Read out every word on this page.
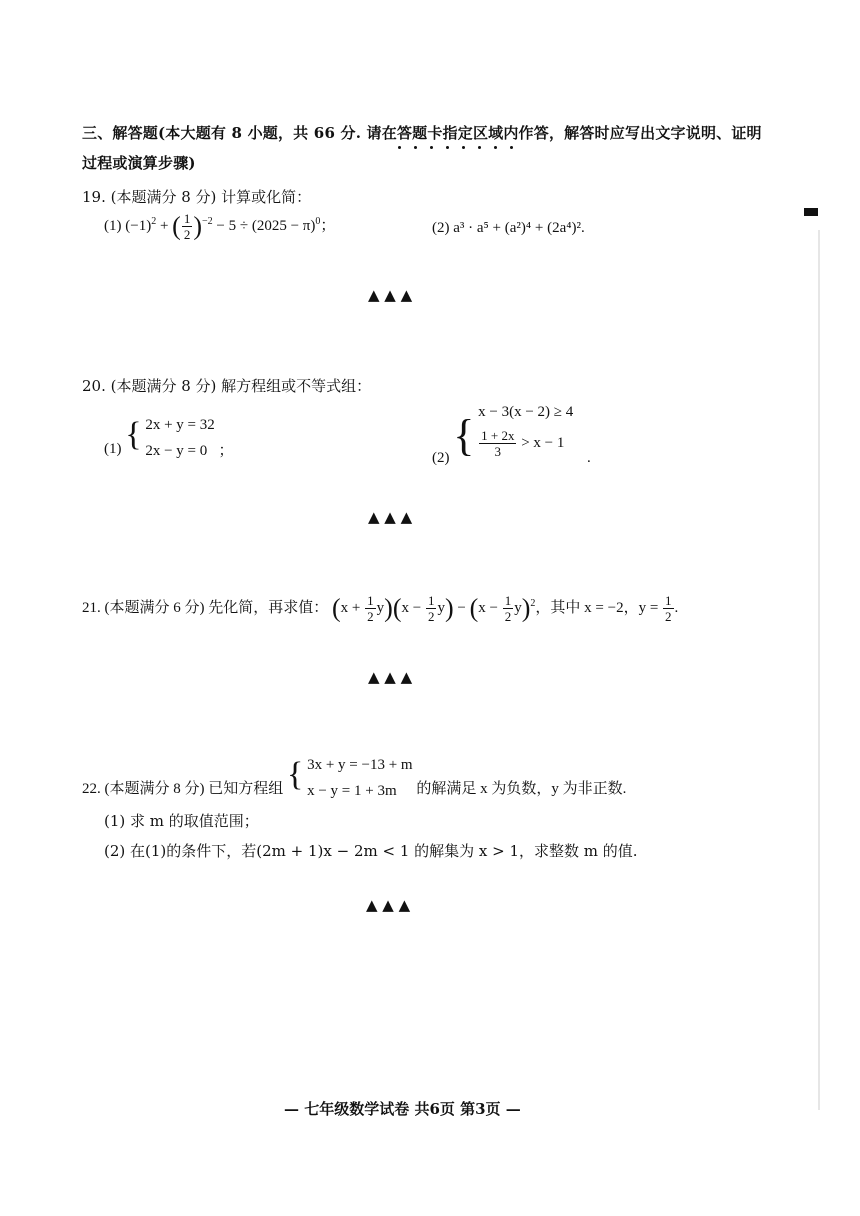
三、解答题(本大题有 8 小题，共 66 分. 请在答题卡指定区域内作答，解答时应写出文字说明、证明
过程或演算步骤)
19. (本题满分 8 分) 计算或化简：
(1) $(-1)^2$ + ( $\frac{1}{2} )^{-2} - 5 \div (2025 - \pi)^0$；	(2) a³ · a⁵ + (a²)⁴ + (2a⁴)².
▲ ▲ ▲
20. (本题满分 8 分) 解方程组或不等式组：
(1) { 2x + y = 32
2x − y = 0 ；	(2) { x − 3(x − 2) ≥ 4
$\frac{1 + 2x}{3} > x - 1$
.
▲ ▲ ▲
21. (本题满分 6 分) 先化简，再求值： $(x + \frac{1}{2} y)(x - \frac{1}{2} y) - (x - \frac{1}{2} y)^2$，其中 x = −2，$y = \frac{1}{2}$ .
▲ ▲ ▲
22. (本题满分 8 分) 已知方程组 { 3x + y = −13 + m
x − y = 1 + 3m	的解满足 x 为负数，y 为非正数.
(1) 求 m 的取值范围；
(2) 在(1)的条件下，若(2m + 1)x − 2m < 1 的解集为 x > 1，求整数 m 的值.
▲ ▲ ▲
— 七年级数学试卷 共6页 第3页 —
